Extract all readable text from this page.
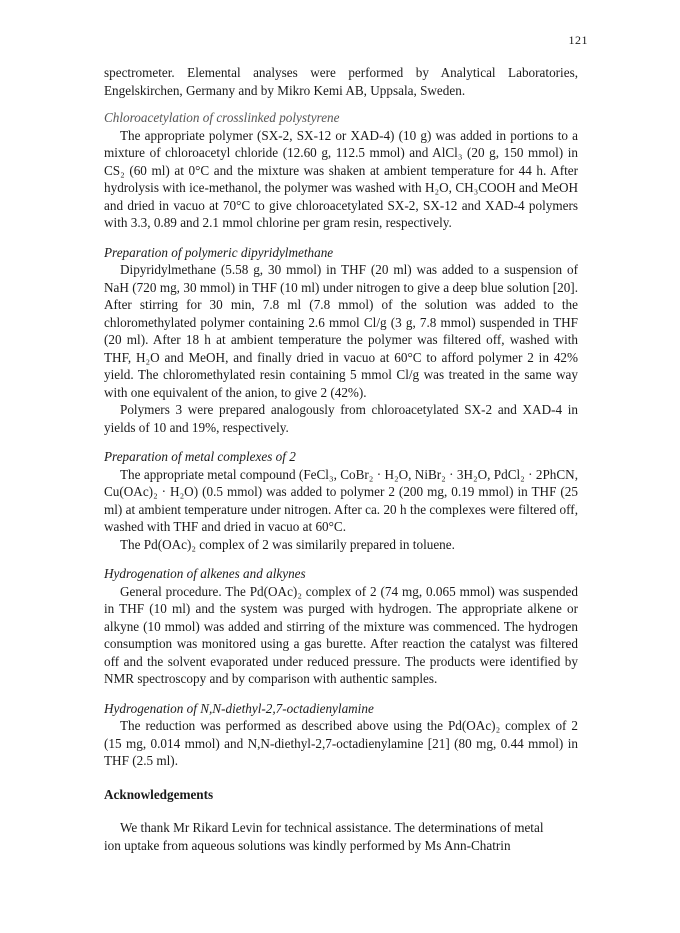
121

spectrometer. Elemental analyses were performed by Analytical Laboratories, Engelskirchen, Germany and by Mikro Kemi AB, Uppsala, Sweden.

Chloroacetylation of crosslinked polystyrene

The appropriate polymer (SX-2, SX-12 or XAD-4) (10 g) was added in portions to a mixture of chloroacetyl chloride (12.60 g, 112.5 mmol) and AlCl₃ (20 g, 150 mmol) in CS₂ (60 ml) at 0°C and the mixture was shaken at ambient temperature for 44 h. After hydrolysis with ice-methanol, the polymer was washed with H₂O, CH₃COOH and MeOH and dried in vacuo at 70°C to give chloroacetylated SX-2, SX-12 and XAD-4 polymers with 3.3, 0.89 and 2.1 mmol chlorine per gram resin, respectively.

Preparation of polymeric dipyridylmethane

Dipyridylmethane (5.58 g, 30 mmol) in THF (20 ml) was added to a suspension of NaH (720 mg, 30 mmol) in THF (10 ml) under nitrogen to give a deep blue solution [20]. After stirring for 30 min, 7.8 ml (7.8 mmol) of the solution was added to the chloromethylated polymer containing 2.6 mmol Cl/g (3 g, 7.8 mmol) suspended in THF (20 ml). After 18 h at ambient temperature the polymer was filtered off, washed with THF, H₂O and MeOH, and finally dried in vacuo at 60°C to afford polymer 2 in 42% yield. The chloromethylated resin containing 5 mmol Cl/g was treated in the same way with one equivalent of the anion, to give 2 (42%).

Polymers 3 were prepared analogously from chloroacetylated SX-2 and XAD-4 in yields of 10 and 19%, respectively.

Preparation of metal complexes of 2

The appropriate metal compound (FeCl₃, CoBr₂ · H₂O, NiBr₂ · 3H₂O, PdCl₂ · 2PhCN, Cu(OAc)₂ · H₂O) (0.5 mmol) was added to polymer 2 (200 mg, 0.19 mmol) in THF (25 ml) at ambient temperature under nitrogen. After ca. 20 h the complexes were filtered off, washed with THF and dried in vacuo at 60°C.

The Pd(OAc)₂ complex of 2 was similarily prepared in toluene.

Hydrogenation of alkenes and alkynes

General procedure. The Pd(OAc)₂ complex of 2 (74 mg, 0.065 mmol) was suspended in THF (10 ml) and the system was purged with hydrogen. The appropriate alkene or alkyne (10 mmol) was added and stirring of the mixture was commenced. The hydrogen consumption was monitored using a gas burette. After reaction the catalyst was filtered off and the solvent evaporated under reduced pressure. The products were identified by NMR spectroscopy and by comparison with authentic samples.

Hydrogenation of N,N-diethyl-2,7-octadienylamine

The reduction was performed as described above using the Pd(OAc)₂ complex of 2 (15 mg, 0.014 mmol) and N,N-diethyl-2,7-octadienylamine [21] (80 mg, 0.44 mmol) in THF (2.5 ml).

Acknowledgements

We thank Mr Rikard Levin for technical assistance. The determinations of metal

ion uptake from aqueous solutions was kindly performed by Ms Ann-Chatrin
